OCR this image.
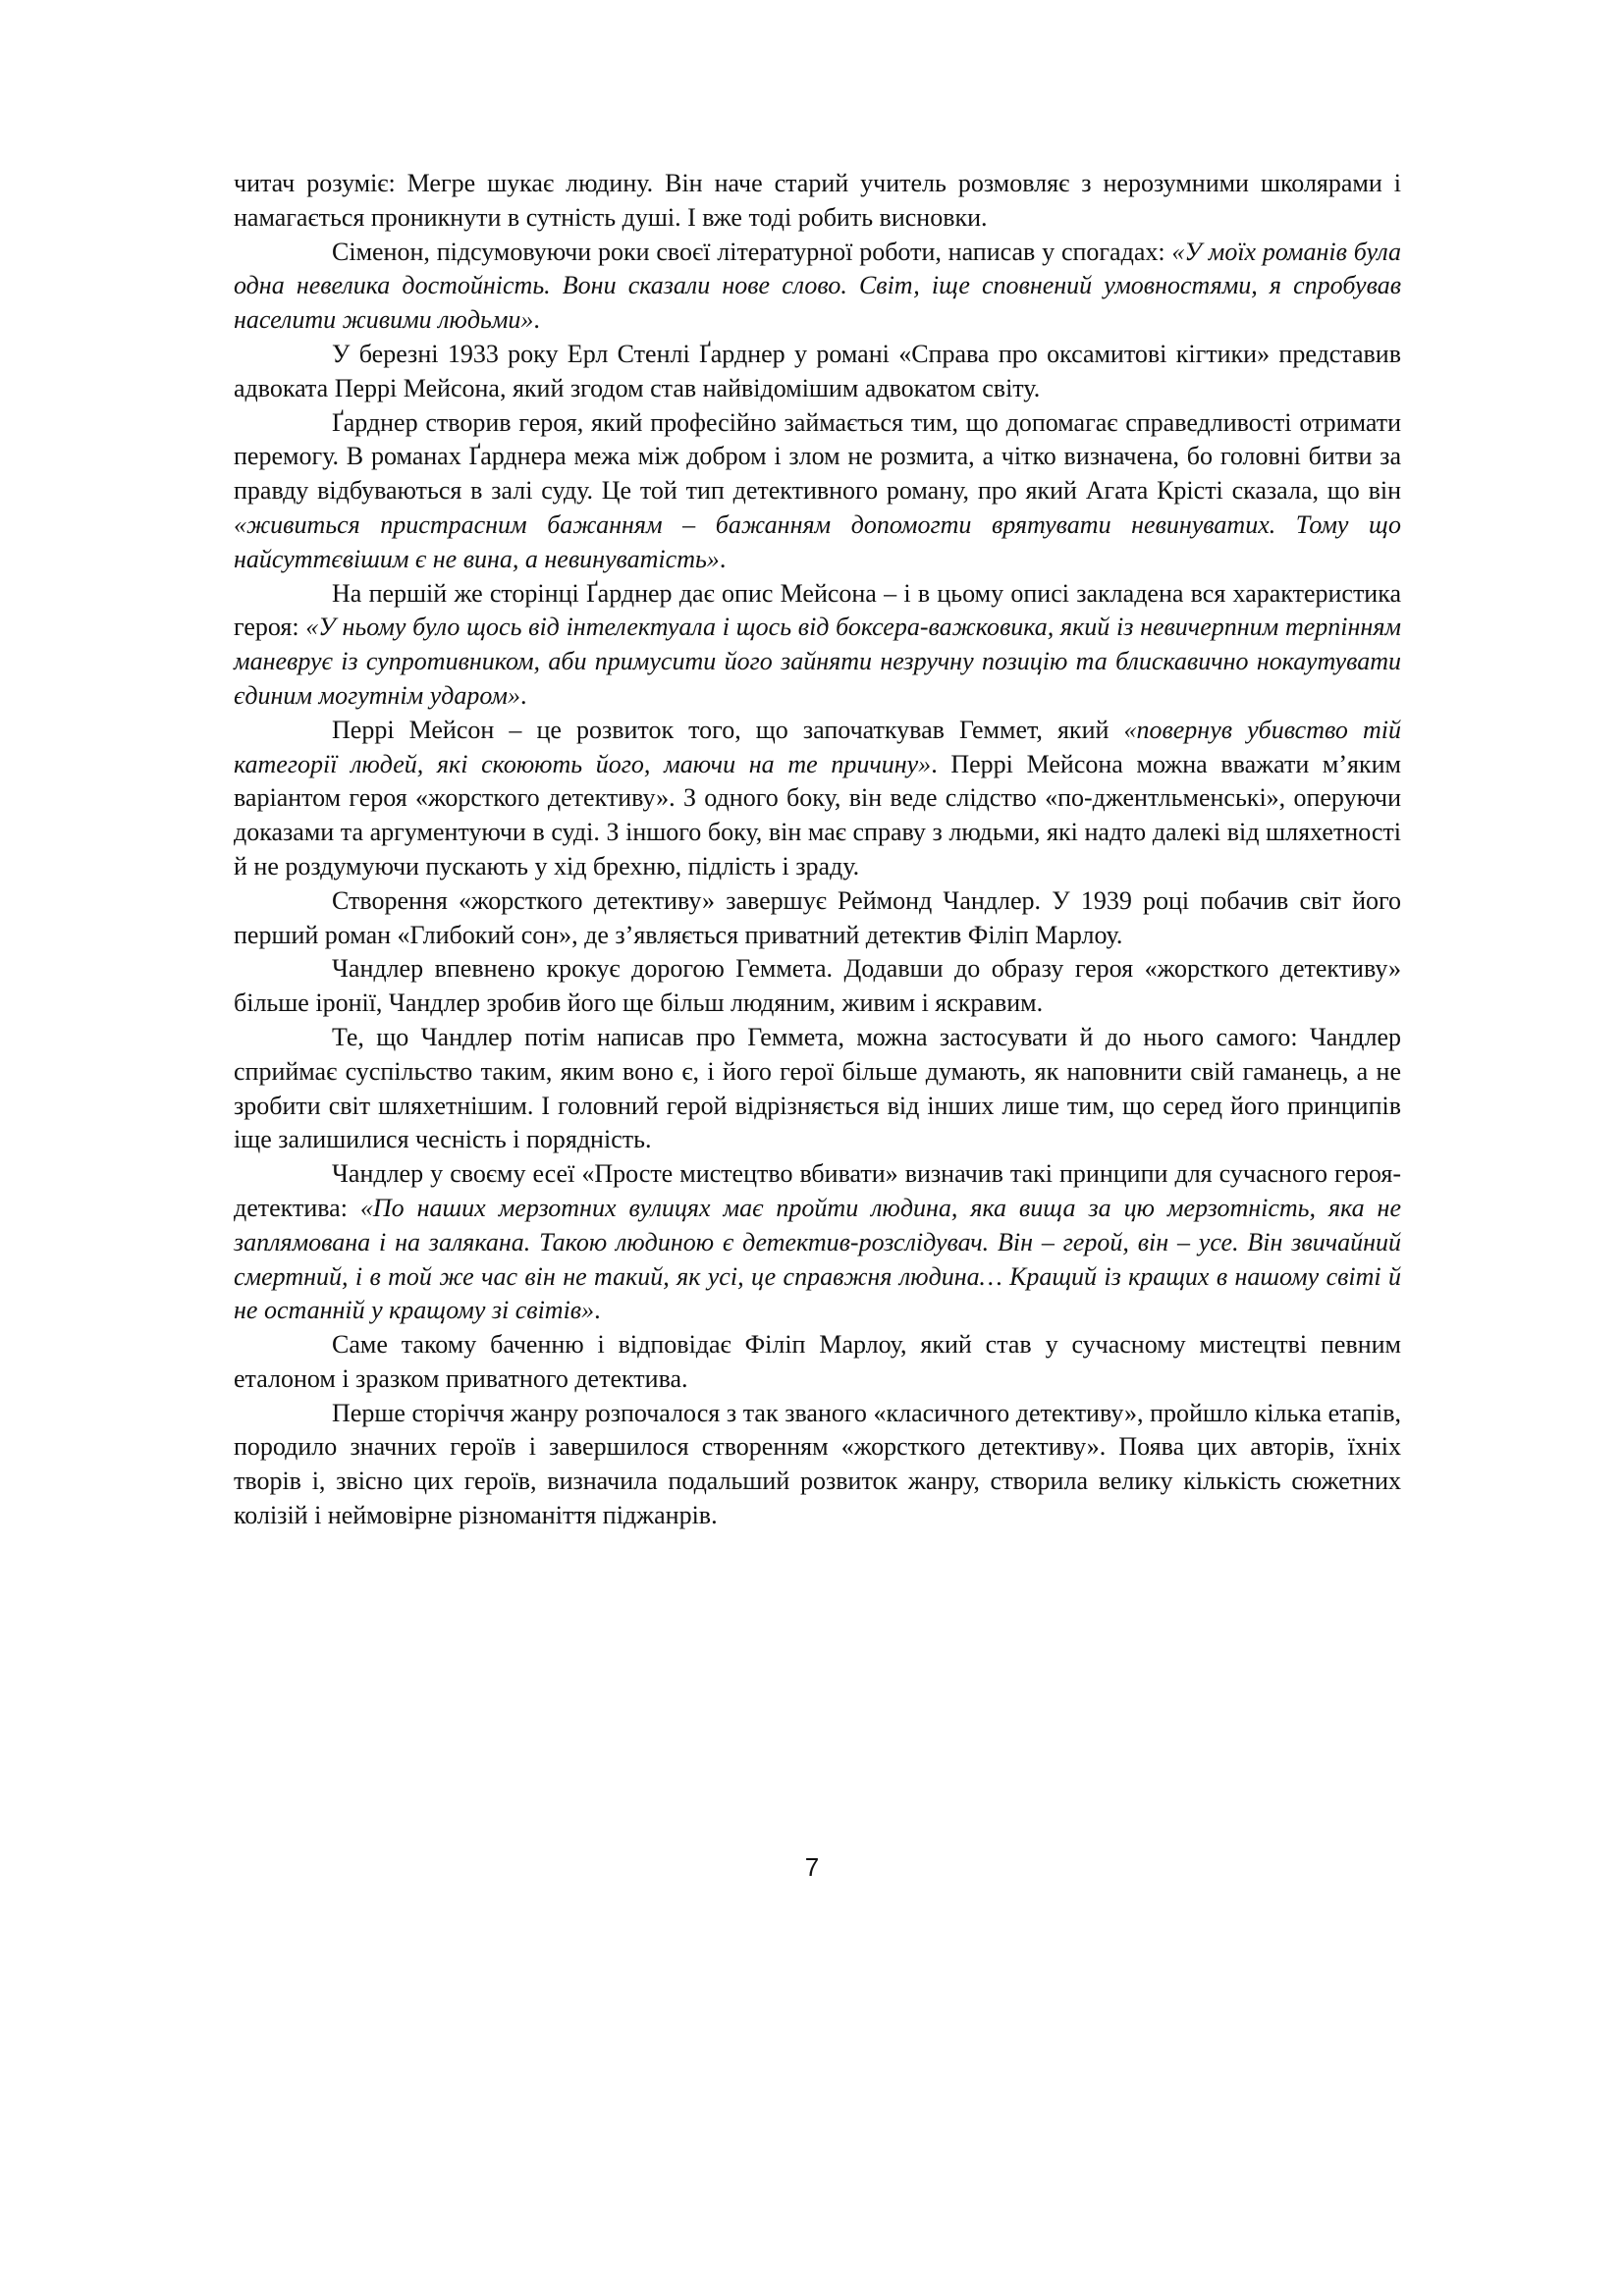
читач розуміє: Мегре шукає людину. Він наче старий учитель розмовляє з нерозумними школярами і намагається проникнути в сутність душі. І вже тоді робить висновки.

Сіменон, підсумовуючи роки своєї літературної роботи, написав у спогадах: «У моїх романів була одна невелика достойність. Вони сказали нове слово. Світ, іще сповнений умовностями, я спробував населити живими людьми».

У березні 1933 року Ерл Стенлі Ґарднер у романі «Справа про оксамитові кігтики» представив адвоката Перрі Мейсона, який згодом став найвідомішим адвокатом світу.

Ґарднер створив героя, який професійно займається тим, що допомагає справедливості отримати перемогу. В романах Ґарднера межа між добром і злом не розмита, а чітко визначена, бо головні битви за правду відбуваються в залі суду. Це той тип детективного роману, про який Агата Крісті сказала, що він «живиться пристрасним бажанням – бажанням допомогти врятувати невинуватих. Тому що найсуттєвішим є не вина, а невинуватість».

На першій же сторінці Ґарднер дає опис Мейсона – і в цьому описі закладена вся характеристика героя: «У ньому було щось від інтелектуала і щось від боксера-важковика, який із невичерпним терпінням маневрує із супротивником, аби примусити його зайняти незручну позицію та блискавично нокаутувати єдиним могутнім ударом».

Перрі Мейсон – це розвиток того, що започаткував Геммет, який «повернув убивство тій категорії людей, які скоюють його, маючи на те причину». Перрі Мейсона можна вважати м’яким варіантом героя «жорсткого детективу». З одного боку, він веде слідство «по-джентльменські», оперуючи доказами та аргументуючи в суді. З іншого боку, він має справу з людьми, які надто далекі від шляхетності й не роздумуючи пускають у хід брехню, підлість і зраду.

Створення «жорсткого детективу» завершує Реймонд Чандлер. У 1939 році побачив світ його перший роман «Глибокий сон», де з’являється приватний детектив Філіп Марлоу.

Чандлер впевнено крокує дорогою Геммета. Додавши до образу героя «жорсткого детективу» більше іронії, Чандлер зробив його ще більш людяним, живим і яскравим.

Те, що Чандлер потім написав про Геммета, можна застосувати й до нього самого: Чандлер сприймає суспільство таким, яким воно є, і його герої більше думають, як наповнити свій гаманець, а не зробити світ шляхетнішим. І головний герой відрізняється від інших лише тим, що серед його принципів іще залишилися чесність і порядність.

Чандлер у своєму есеї «Просте мистецтво вбивати» визначив такі принципи для сучасного героя-детектива: «По наших мерзотних вулицях має пройти людина, яка вища за цю мерзотність, яка не заплямована і на залякана. Такою людиною є детектив-розслідувач. Він – герой, він – усе. Він звичайний смертний, і в той же час він не такий, як усі, це справжня людина… Кращий із кращих в нашому світі й не останній у кращому зі світів».

Саме такому баченню і відповідає Філіп Марлоу, який став у сучасному мистецтві певним еталоном і зразком приватного детектива.

Перше сторіччя жанру розпочалося з так званого «класичного детективу», пройшло кілька етапів, породило значних героїв і завершилося створенням «жорсткого детективу». Поява цих авторів, їхніх творів і, звісно цих героїв, визначила подальший розвиток жанру, створила велику кількість сюжетних колізій і неймовірне різноманіття піджанрів.

7
